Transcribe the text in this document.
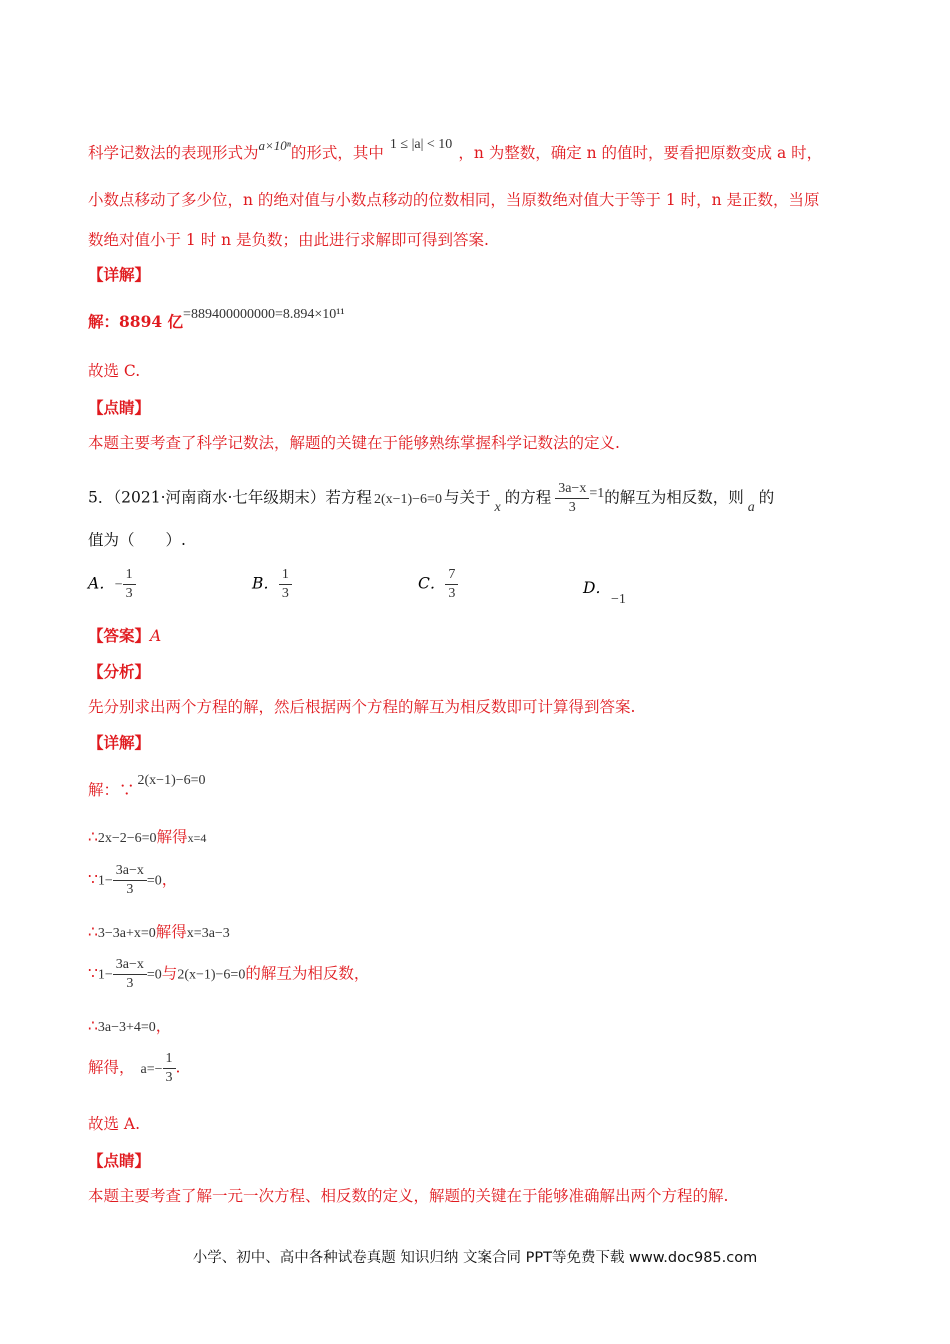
科学记数法的表现形式为$^{a\times 10^n}$的形式，其中 1 ≤ |a| < 10 ，n 为整数，确定 n 的值时，要看把原数变成 a 时，
小数点移动了多少位，n 的绝对值与小数点移动的位数相同，当原数绝对值大于等于 1 时，n 是正数，当原
数绝对值小于 1 时 n 是负数；由此进行求解即可得到答案.
【详解】
解：8894 亿=889400000000=8.894×10¹¹
故选 C.
【点睛】
本题主要考查了科学记数法，解题的关键在于能够熟练掌握科学记数法的定义.
5．（2021·河南商水·七年级期末）若方程 2(x−1)−6=0 与关于x的方程 $\frac{3a-x}{3} =1$的解互为相反数，则a的
值为（　　）.
A．− $\frac{1}{3}$	B． $\frac{1}{3}$	C． $\frac{7}{3}$	D．−1
【答案】A
【分析】
先分别求出两个方程的解，然后根据两个方程的解互为相反数即可计算得到答案.
【详解】
解：∵2(x−1)−6=0
∴2x−2−6=0解得x=4
∵1− $\frac{3a-x}{3} =0$，
∴3−3a+x=0解得x=3a−3
∵1− $\frac{3a-x}{3} =0$与2(x−1)−6=0的解互为相反数，
∴3a−3+4=0，
解得， $a=- \frac{1}{3}$ .
故选 A.
【点睛】
本题主要考查了解一元一次方程、相反数的定义，解题的关键在于能够准确解出两个方程的解.
小学、初中、高中各种试卷真题 知识归纳 文案合同 PPT等免费下载 www.doc985.com
